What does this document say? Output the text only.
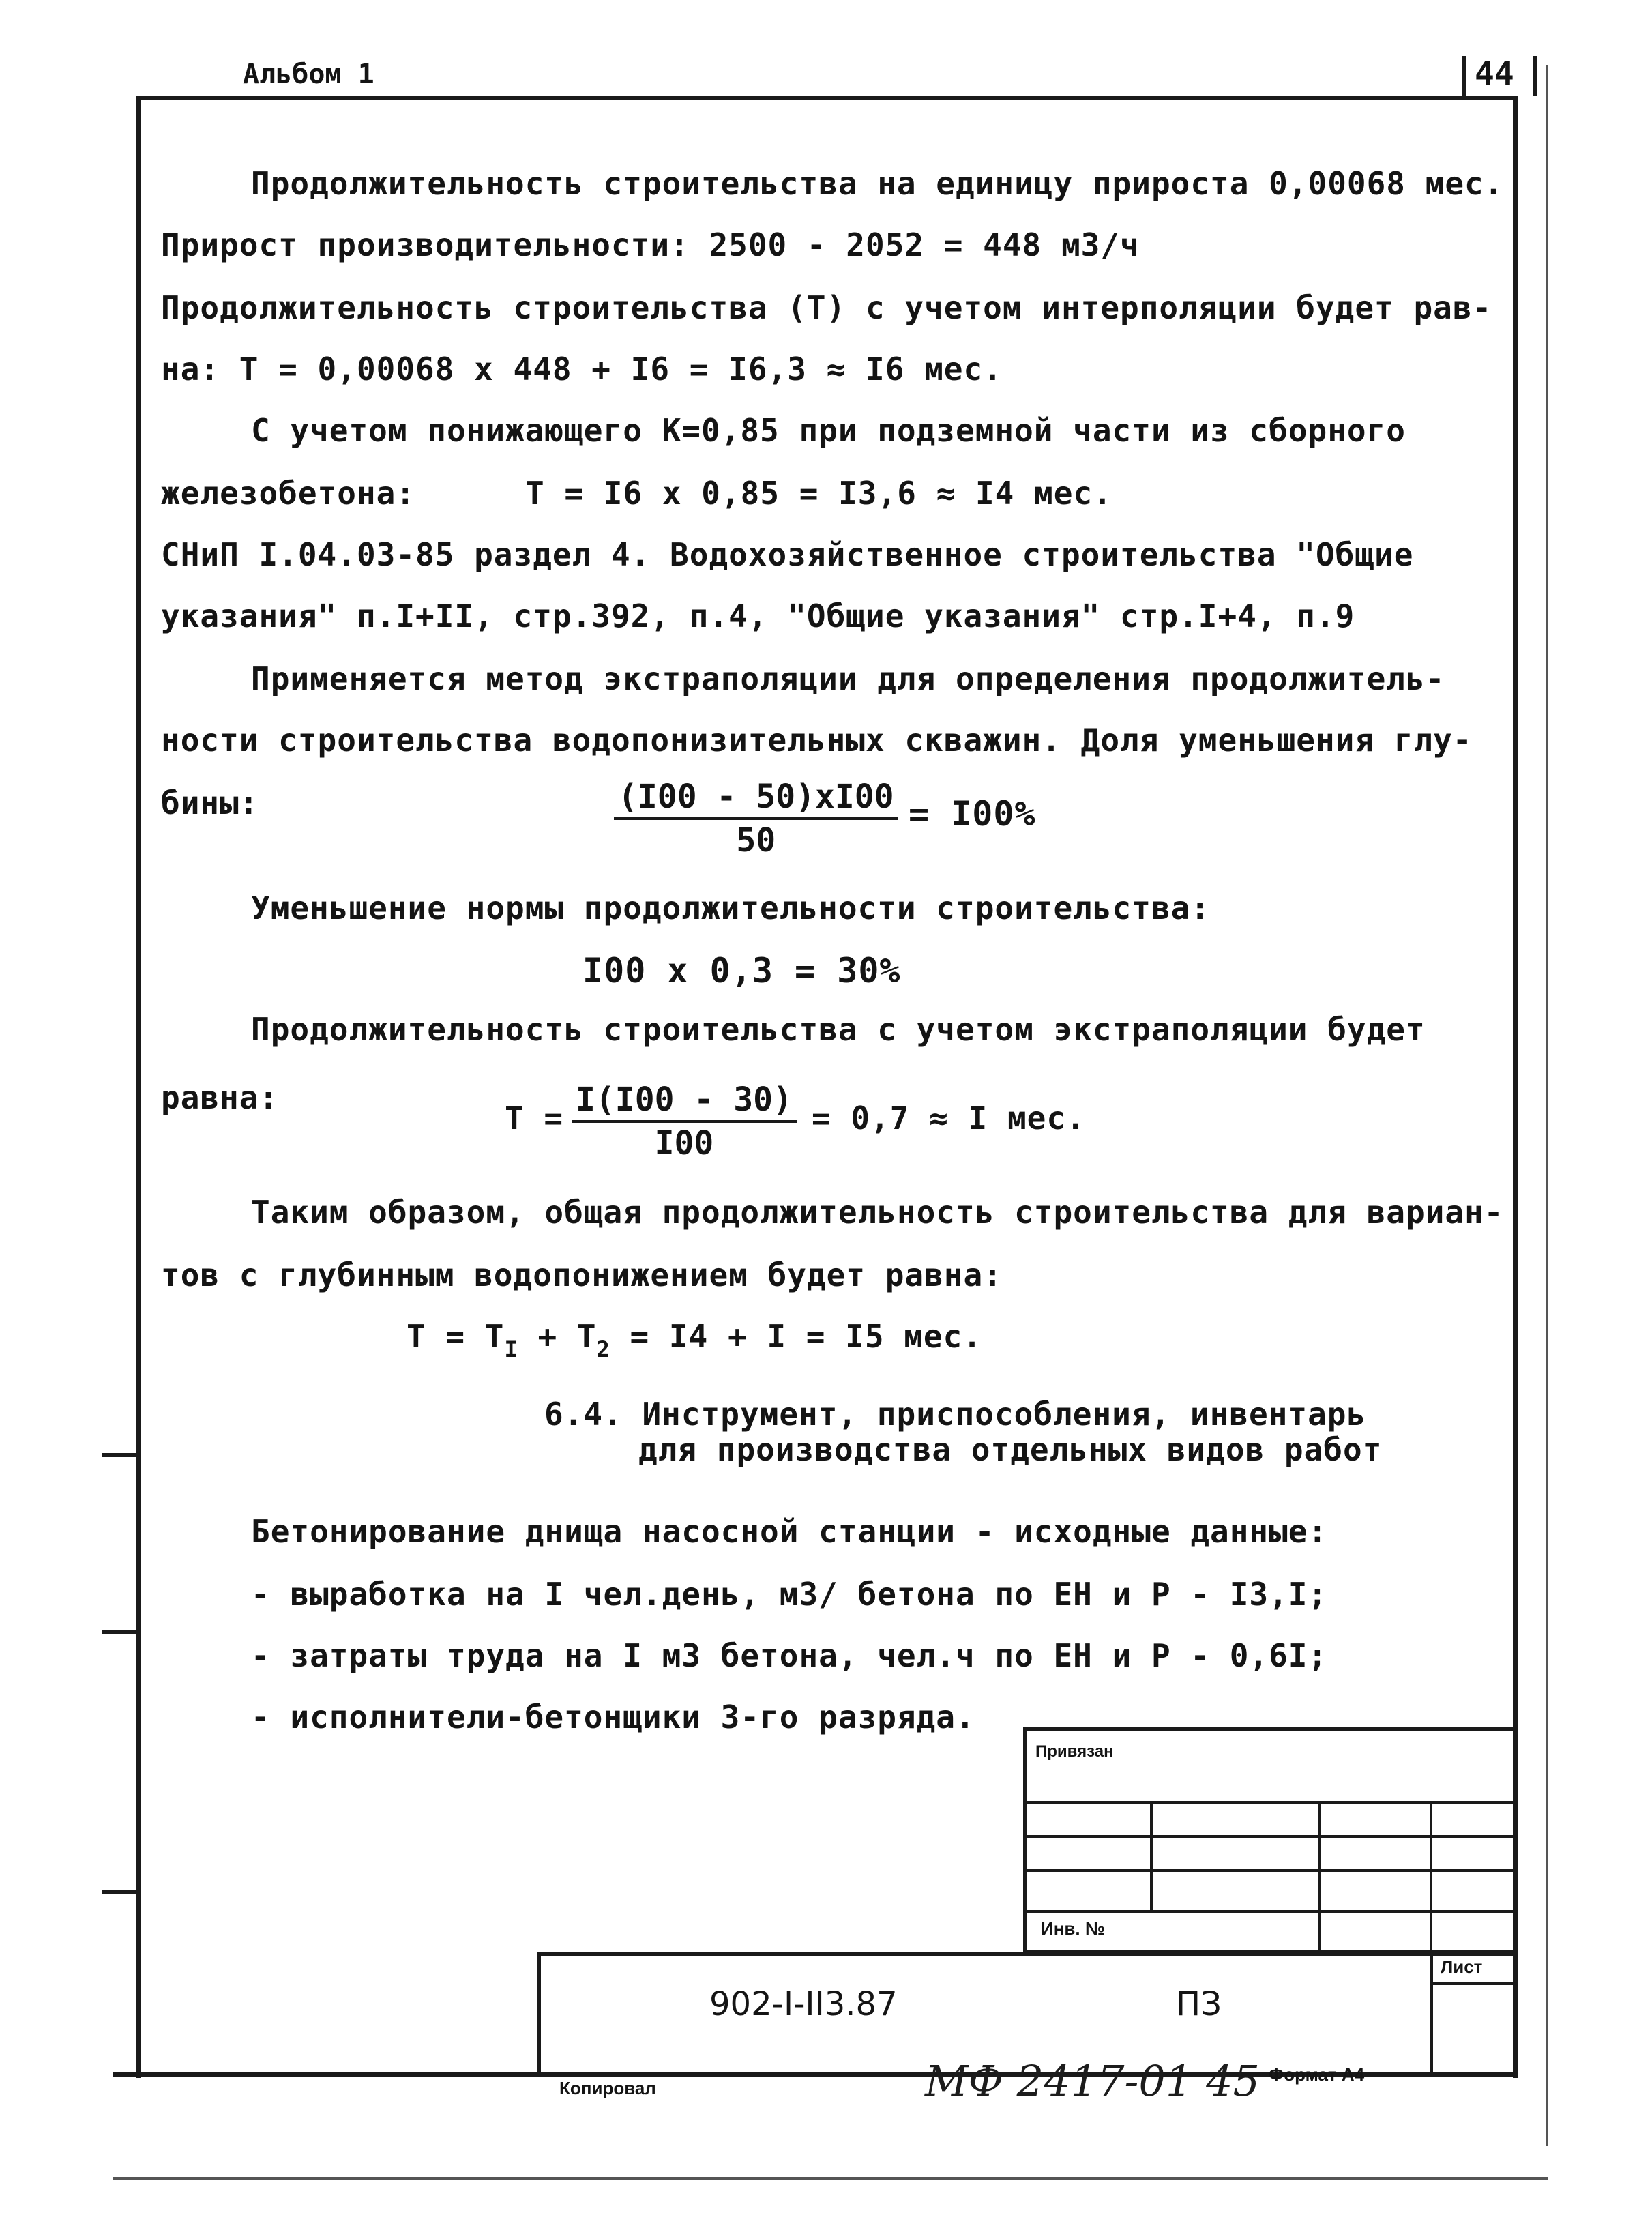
Альбом 1	44
Продолжительность строительства на единицу прироста 0,00068 мес.
Прирост производительности: 2500 - 2052 = 448 м3/ч
Продолжительность строительства (Т) с учетом интерполяции будет рав-
на: Т = 0,00068 х 448 + I6 = I6,3 ≈ I6 мес.
С учетом понижающего К=0,85 при подземной части из сборного
железобетона:	Т = I6 х 0,85 = I3,6 ≈ I4 мес.
СНиП I.04.03-85 раздел 4. Водохозяйственное строительства "Общие
указания" п.I+II, стр.392, п.4, "Общие указания" стр.I+4, п.9
Применяется метод экстраполяции для определения продолжитель-
ности строительства водопонизительных скважин. Доля уменьшения глу-
бины:	(I00 - 50)хI00
50
= I00%
Уменьшение нормы продолжительности строительства:
I00 х 0,3 = 30%
Продолжительность строительства с учетом экстраполяции будет
равна:
$Т = \frac{I(I00 - 30)}{I00} = 0,7 \approx I$ мес.
Таким образом, общая продолжительность строительства для вариан-
тов с глубинным водопонижением будет равна:
$Т = Т_I + Т_2 = I4 + I = I5$ мес.
6.4. Инструмент, приспособления, инвентарь
для производства отдельных видов работ
Бетонирование днища насосной станции - исходные данные:
- выработка на I чел.день, м3/ бетона по ЕН и Р - I3,I;
- затраты труда на I м3 бетона, чел.ч по ЕН и Р - 0,6I;
- исполнители-бетонщики 3-го разряда.
Привязан
Инв. №
Лист
902-I-II3.87	ПЗ
Копировал	МФ 2417-01 45 Формат А4
